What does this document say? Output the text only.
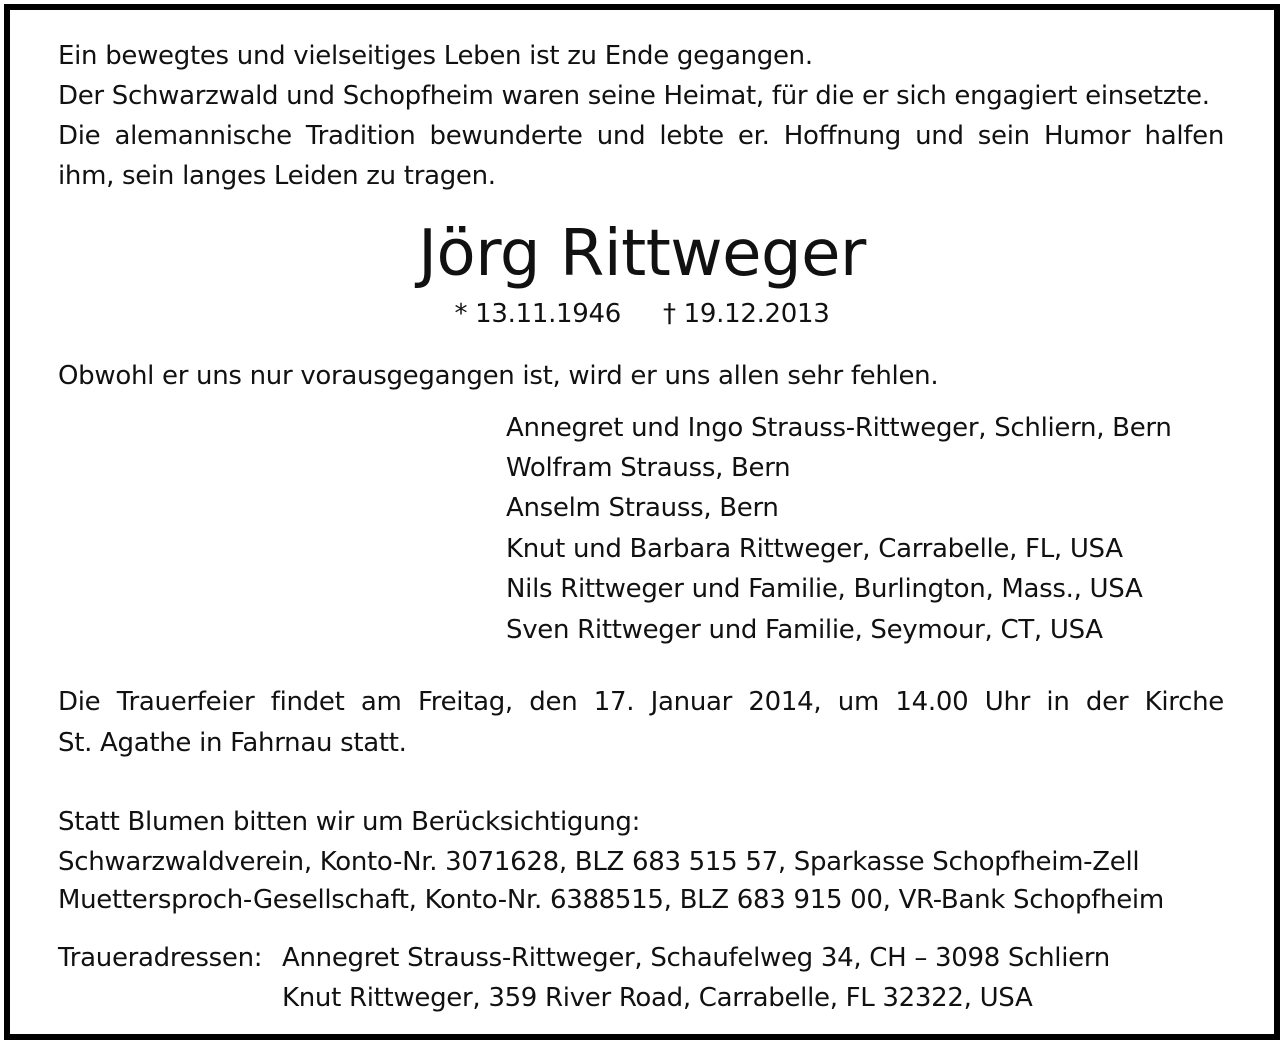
Ein bewegtes und vielseitiges Leben ist zu Ende gegangen.
Der Schwarzwald und Schopfheim waren seine Heimat, für die er sich engagiert einsetzte.
Die alemannische Tradition bewunderte und lebte er. Hoffnung und sein Humor halfen
ihm, sein langes Leiden zu tragen.
Jörg Rittweger
* 13.11.1946 † 19.12.2013
Obwohl er uns nur vorausgegangen ist, wird er uns allen sehr fehlen.
Annegret und Ingo Strauss-Rittweger, Schliern, Bern
Wolfram Strauss, Bern
Anselm Strauss, Bern
Knut und Barbara Rittweger, Carrabelle, FL, USA
Nils Rittweger und Familie, Burlington, Mass., USA
Sven Rittweger und Familie, Seymour, CT, USA
Die Trauerfeier findet am Freitag, den 17. Januar 2014, um 14.00 Uhr in der Kirche
St. Agathe in Fahrnau statt.
Statt Blumen bitten wir um Berücksichtigung:
Schwarzwaldverein, Konto-Nr. 3071628, BLZ 683 515 57, Sparkasse Schopfheim-Zell
Muettersproch-Gesellschaft, Konto-Nr. 6388515, BLZ 683 915 00, VR-Bank Schopfheim
Traueradressen: Annegret Strauss-Rittweger, Schaufelweg 34, CH – 3098 Schliern
Knut Rittweger, 359 River Road, Carrabelle, FL 32322, USA
